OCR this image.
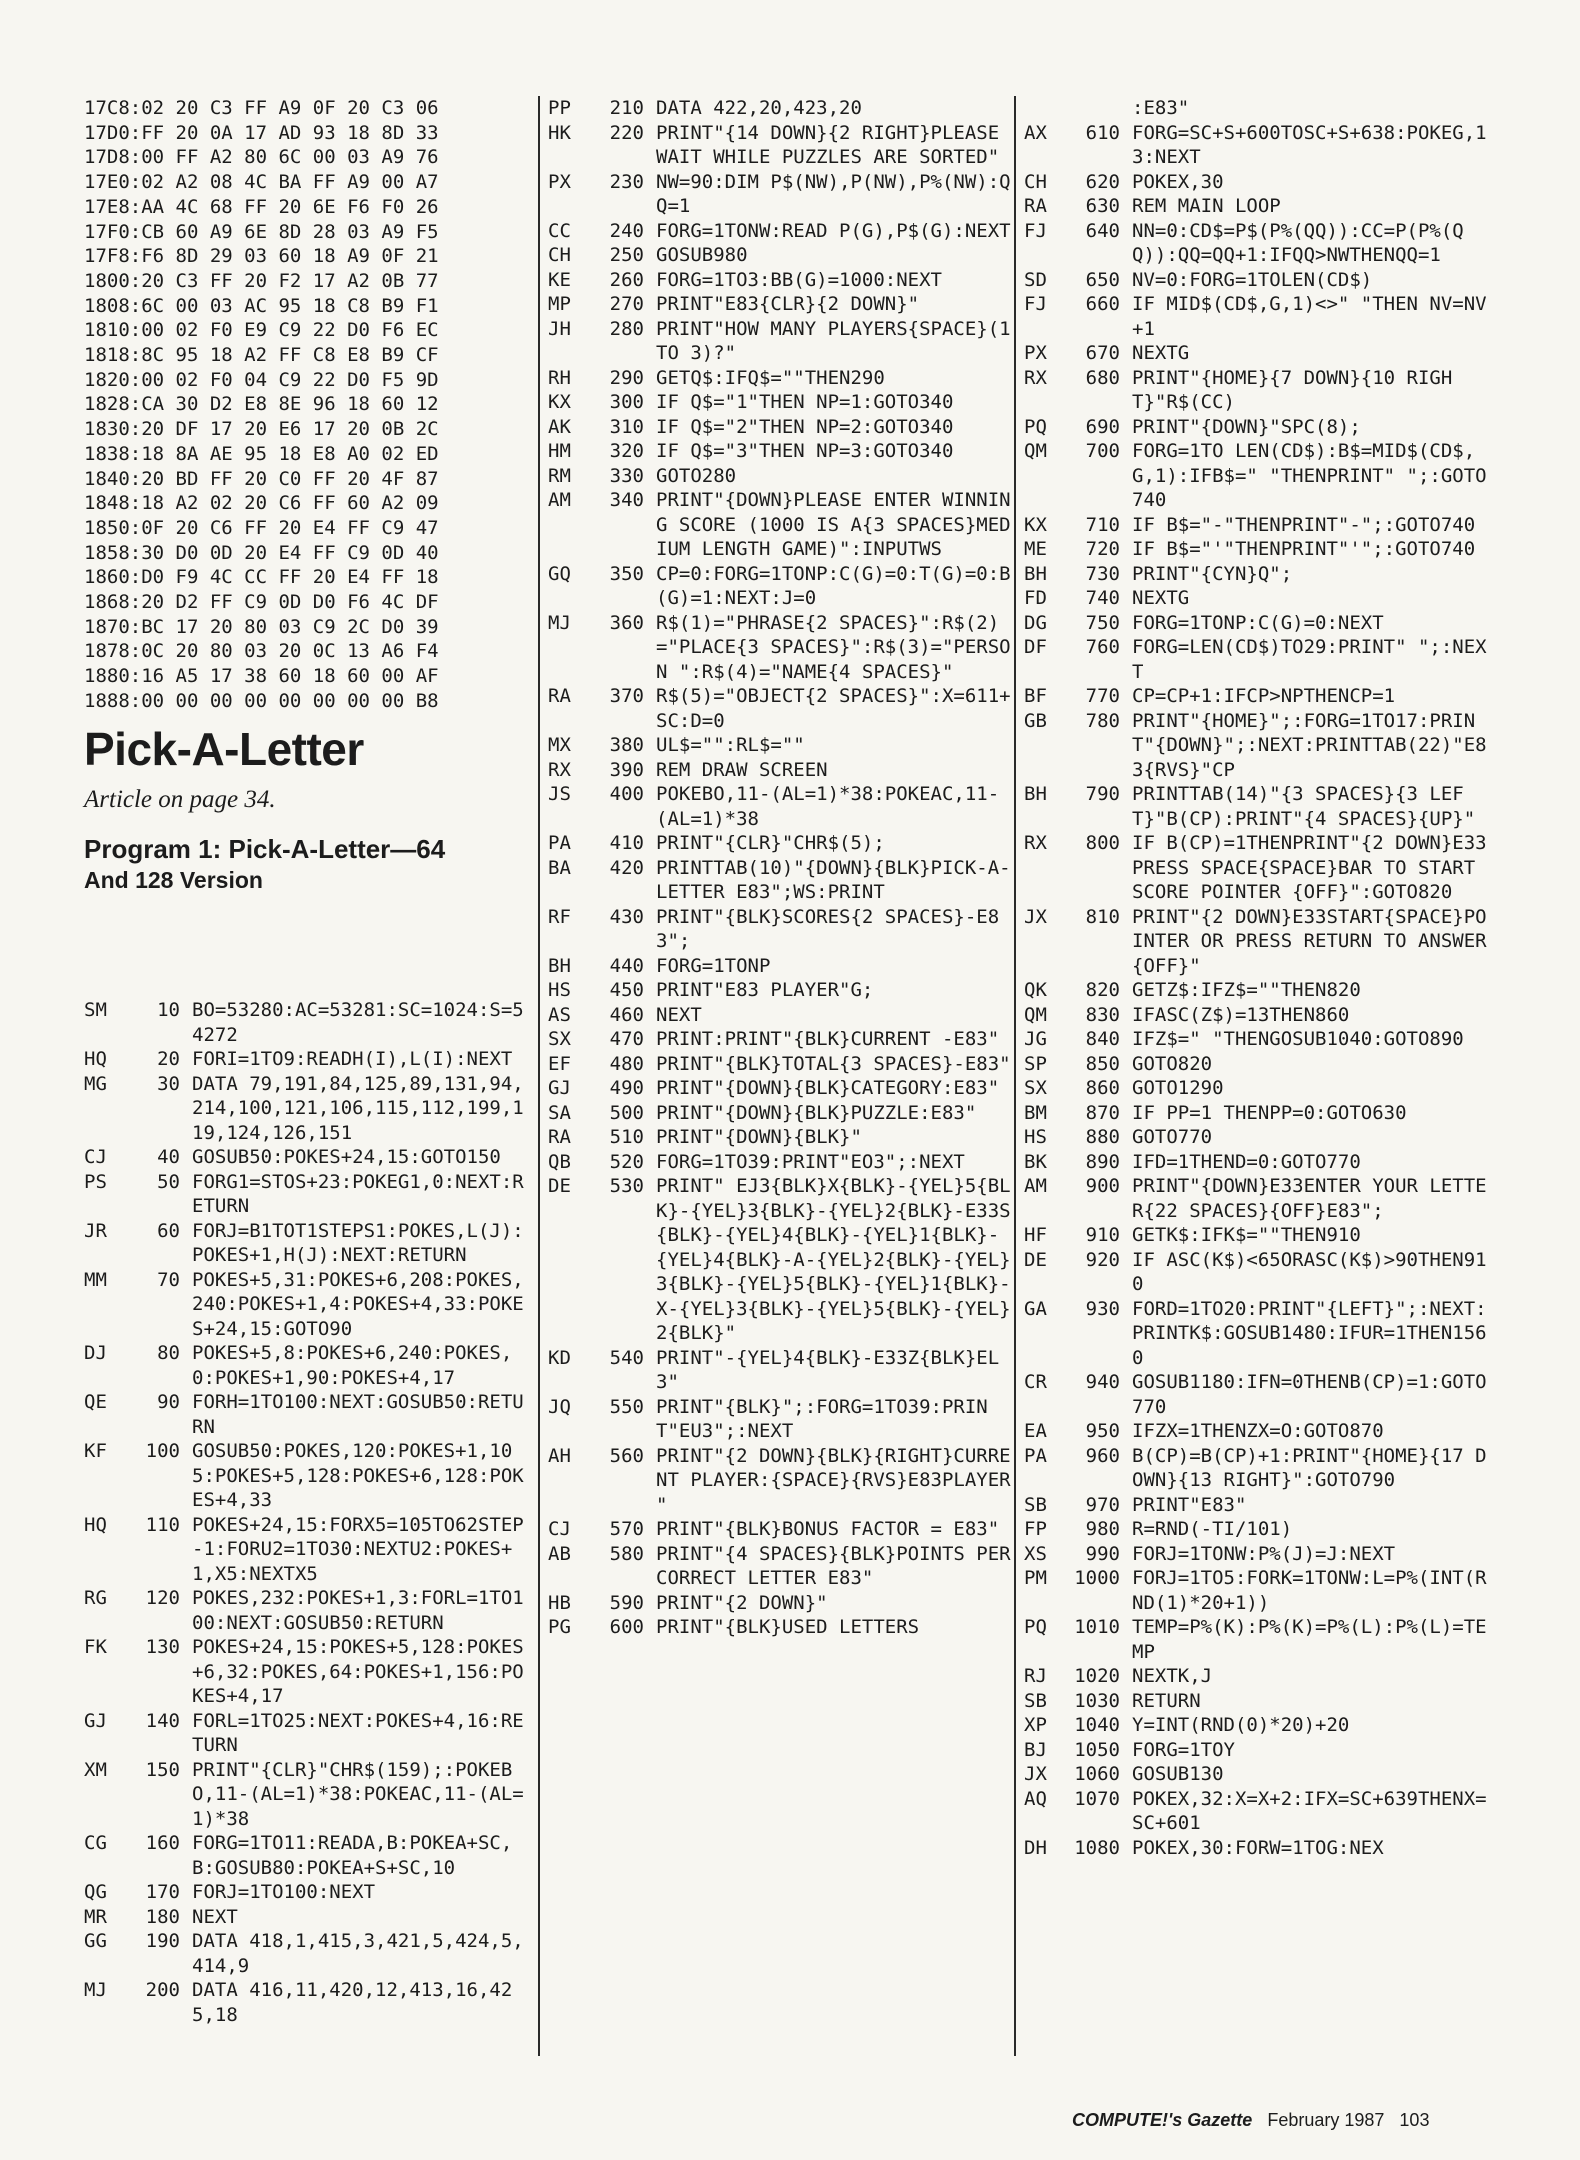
17C8:02 20 C3 FF A9 0F 20 C3 06
17D0:FF 20 0A 17 AD 93 18 8D 33
17D8:00 FF A2 80 6C 00 03 A9 76
17E0:02 A2 08 4C BA FF A9 00 A7
17E8:AA 4C 68 FF 20 6E F6 F0 26
17F0:CB 60 A9 6E 8D 28 03 A9 F5
17F8:F6 8D 29 03 60 18 A9 0F 21
1800:20 C3 FF 20 F2 17 A2 0B 77
1808:6C 00 03 AC 95 18 C8 B9 F1
1810:00 02 F0 E9 C9 22 D0 F6 EC
1818:8C 95 18 A2 FF C8 E8 B9 CF
1820:00 02 F0 04 C9 22 D0 F5 9D
1828:CA 30 D2 E8 8E 96 18 60 12
1830:20 DF 17 20 E6 17 20 0B 2C
1838:18 8A AE 95 18 E8 A0 02 ED
1840:20 BD FF 20 C0 FF 20 4F 87
1848:18 A2 02 20 C6 FF 60 A2 09
1850:0F 20 C6 FF 20 E4 FF C9 47
1858:30 D0 0D 20 E4 FF C9 0D 40
1860:D0 F9 4C CC FF 20 E4 FF 18
1868:20 D2 FF C9 0D D0 F6 4C DF
1870:BC 17 20 80 03 C9 2C D0 39
1878:0C 20 80 03 20 0C 13 A6 F4
1880:16 A5 17 38 60 18 60 00 AF
1888:00 00 00 00 00 00 00 00 B8
Pick-A-Letter

Article on page 34.

Program 1: Pick-A-Letter—64
And 128 Version

SM	10 BO=53280:AC=53281:SC=1024:S=54272
HQ	20 FORI=1TO9:READH(I),L(I):NEXT
MG	30 DATA 79,191,84,125,89,131,94,214,100,121,106,115,112,199,119,124,126,151
CJ	40 GOSUB50:POKES+24,15:GOTO150
PS	50 FORG1=STOS+23:POKEG1,0:NEXT:RETURN
JR	60 FORJ=B1TOT1STEPS1:POKES,L(J):POKES+1,H(J):NEXT:RETURN
MM	70 POKES+5,31:POKES+6,208:POKES,240:POKES+1,4:POKES+4,33:POKES+24,15:GOTO90
DJ	80 POKES+5,8:POKES+6,240:POKES,0:POKES+1,90:POKES+4,17
QE	90 FORH=1TO100:NEXT:GOSUB50:RETURN
KF	100 GOSUB50:POKES,120:POKES+1,105:POKES+5,128:POKES+6,128:POKES+4,33
HQ	110 POKES+24,15:FORX5=105TO62STEP-1:FORU2=1TO30:NEXTU2:POKES+1,X5:NEXTX5
RG	120 POKES,232:POKES+1,3:FORL=1TO100:NEXT:GOSUB50:RETURN
FK	130 POKES+24,15:POKES+5,128:POKES+6,32:POKES,64:POKES+1,156:POKES+4,17
GJ	140 FORL=1TO25:NEXT:POKES+4,16:RETURN
XM	150 PRINT"{CLR}"CHR$(159);:POKEBO,11-(AL=1)*38:POKEAC,11-(AL=1)*38
CG	160 FORG=1TO11:READA,B:POKEA+SC,B:GOSUB80:POKEA+S+SC,10
QG	170 FORJ=1TO100:NEXT
MR	180 NEXT
GG	190 DATA 418,1,415,3,421,5,424,5,414,9
MJ	200 DATA 416,11,420,12,413,16,425,18
PP	210 DATA 422,20,423,20
HK	220 PRINT"{14 DOWN}{2 RIGHT}PLEASE WAIT WHILE PUZZLES ARE SORTED"
PX	230 NW=90:DIM P$(NW),P(NW),P%(NW):QQ=1
CC	240 FORG=1TONW:READ P(G),P$(G):NEXT
CH	250 GOSUB980
KE	260 FORG=1TO3:BB(G)=1000:NEXT
MP	270 PRINT"E83{CLR}{2 DOWN}"
JH	280 PRINT"HOW MANY PLAYERS{SPACE}(1 TO 3)?"
RH	290 GETQ$:IFQ$=""THEN290
KX	300 IF Q$="1"THEN NP=1:GOTO340
AK	310 IF Q$="2"THEN NP=2:GOTO340
HM	320 IF Q$="3"THEN NP=3:GOTO340
RM	330 GOTO280
AM	340 PRINT"{DOWN}PLEASE ENTER WINNING SCORE (1000 IS A{3 SPACES}MEDIUM LENGTH GAME)":INPUTWS
GQ	350 CP=0:FORG=1TONP:C(G)=0:T(G)=0:B(G)=1:NEXT:J=0
MJ	360 R$(1)="PHRASE{2 SPACES}":R$(2)="PLACE{3 SPACES}":R$(3)="PERSON ":R$(4)="NAME{4 SPACES}"
RA	370 R$(5)="OBJECT{2 SPACES}":X=611+SC:D=0
MX	380 UL$="":RL$=""
RX	390 REM DRAW SCREEN
JS	400 POKEBO,11-(AL=1)*38:POKEAC,11-(AL=1)*38
PA	410 PRINT"{CLR}"CHR$(5);
BA	420 PRINTTAB(10)"{DOWN}{BLK}PICK-A-LETTER E83";WS:PRINT
RF	430 PRINT"{BLK}SCORES{2 SPACES}-E83";
BH	440 FORG=1TONP
HS	450 PRINT"E83 PLAYER"G;
AS	460 NEXT
SX	470 PRINT:PRINT"{BLK}CURRENT -E83"
EF	480 PRINT"{BLK}TOTAL{3 SPACES}-E83"
GJ	490 PRINT"{DOWN}{BLK}CATEGORY:E83"
SA	500 PRINT"{DOWN}{BLK}PUZZLE:E83"
RA	510 PRINT"{DOWN}{BLK}"
QB	520 FORG=1TO39:PRINT"EO3";:NEXT
DE	530 PRINT" EJ3{BLK}X{BLK}-{YEL}5{BLK}-{YEL}3{BLK}-{YEL}2{BLK}-E33S{BLK}-{YEL}4{BLK}-{YEL}1{BLK}-{YEL}4{BLK}-A-{YEL}2{BLK}-{YEL}3{BLK}-{YEL}5{BLK}-{YEL}1{BLK}-X-{YEL}3{BLK}-{YEL}5{BLK}-{YEL}2{BLK}"
KD	540 PRINT"-{YEL}4{BLK}-E33Z{BLK}EL3"
JQ	550 PRINT"{BLK}";:FORG=1TO39:PRINT"EU3";:NEXT
AH	560 PRINT"{2 DOWN}{BLK}{RIGHT}CURRENT PLAYER:{SPACE}{RVS}E83PLAYER "
CJ	570 PRINT"{BLK}BONUS FACTOR = E83"
AB	580 PRINT"{4 SPACES}{BLK}POINTS PER CORRECT LETTER E83"
HB	590 PRINT"{2 DOWN}"
PG	600 PRINT"{BLK}USED LETTERS
:E83"
AX	610 FORG=SC+S+600TOSC+S+638:POKEG,13:NEXT
CH	620 POKEX,30
RA	630 REM MAIN LOOP
FJ	640 NN=0:CD$=P$(P%(QQ)):CC=P(P%(QQ)):QQ=QQ+1:IFQQ>NWTHENQQ=1
SD	650 NV=0:FORG=1TOLEN(CD$)
FJ	660 IF MID$(CD$,G,1)<>" "THEN NV=NV+1
PX	670 NEXTG
RX	680 PRINT"{HOME}{7 DOWN}{10 RIGHT}"R$(CC)
PQ	690 PRINT"{DOWN}"SPC(8);
QM	700 FORG=1TO LEN(CD$):B$=MID$(CD$,G,1):IFB$=" "THENPRINT" ";:GOTO740
KX	710 IF B$="-"THENPRINT"-";:GOTO740
ME	720 IF B$="'"THENPRINT"'";:GOTO740
BH	730 PRINT"{CYN}Q";
FD	740 NEXTG
DG	750 FORG=1TONP:C(G)=0:NEXT
DF	760 FORG=LEN(CD$)TO29:PRINT" ";:NEXT
BF	770 CP=CP+1:IFCP>NPTHENCP=1
GB	780 PRINT"{HOME}";:FORG=1TO17:PRINT"{DOWN}";:NEXT:PRINTTAB(22)"E83{RVS}"CP
BH	790 PRINTTAB(14)"{3 SPACES}{3 LEFT}"B(CP):PRINT"{4 SPACES}{UP}"
RX	800 IF B(CP)=1THENPRINT"{2 DOWN}E33PRESS SPACE{SPACE}BAR TO START SCORE POINTER {OFF}":GOTO820
JX	810 PRINT"{2 DOWN}E33START{SPACE}POINTER OR PRESS RETURN TO ANSWER{OFF}"
QK	820 GETZ$:IFZ$=""THEN820
QM	830 IFASC(Z$)=13THEN860
JG	840 IFZ$=" "THENGOSUB1040:GOTO890
SP	850 GOTO820
SX	860 GOTO1290
BM	870 IF PP=1 THENPP=0:GOTO630
HS	880 GOTO770
BK	890 IFD=1THEND=0:GOTO770
AM	900 PRINT"{DOWN}E33ENTER YOUR LETTER{22 SPACES}{OFF}E83";
HF	910 GETK$:IFK$=""THEN910
DE	920 IF ASC(K$)<65ORASC(K$)>90THEN910
GA	930 FORD=1TO20:PRINT"{LEFT}";:NEXT:PRINTK$:GOSUB1480:IFUR=1THEN1560
CR	940 GOSUB1180:IFN=0THENB(CP)=1:GOTO770
EA	950 IFZX=1THENZX=O:GOTO870
PA	960 B(CP)=B(CP)+1:PRINT"{HOME}{17 DOWN}{13 RIGHT}":GOTO790
SB	970 PRINT"E83"
FP	980 R=RND(-TI/101)
XS	990 FORJ=1TONW:P%(J)=J:NEXT
PM	1000 FORJ=1TO5:FORK=1TONW:L=P%(INT(RND(1)*20+1))
PQ	1010 TEMP=P%(K):P%(K)=P%(L):P%(L)=TEMP
RJ	1020 NEXTK,J
SB	1030 RETURN
XP	1040 Y=INT(RND(0)*20)+20
BJ	1050 FORG=1TOY
JX	1060 GOSUB130
AQ	1070 POKEX,32:X=X+2:IFX=SC+639THENX=SC+601
DH	1080 POKEX,30:FORW=1TOG:NEX
COMPUTE!'s Gazette February 1987 103
